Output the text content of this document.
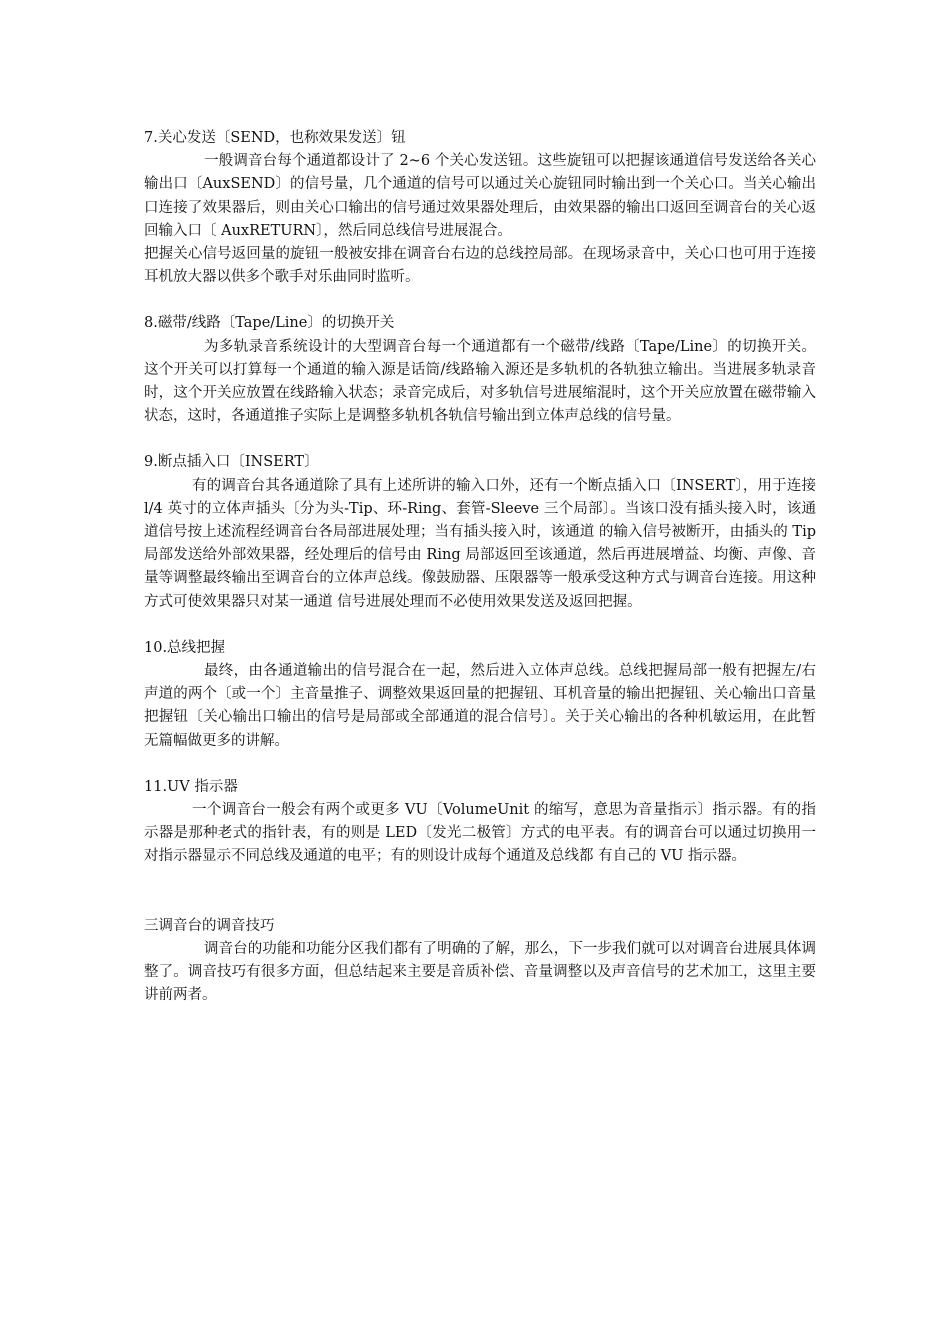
7.关心发送〔SEND，也称效果发送〕钮

一般调音台每个通道都设计了 2~6 个关心发送钮。这些旋钮可以把握该通道信号发送给各关心输出口〔AuxSEND〕的信号量，几个通道的信号可以通过关心旋钮同时输出到一个关心口。当关心输出口连接了效果器后，则由关心口输出的信号通过效果器处理后，由效果器的输出口返回至调音台的关心返回输入口〔 AuxRETURN〕，然后同总线信号进展混合。

把握关心信号返回量的旋钮一般被安排在调音台右边的总线控局部。在现场录音中，关心口也可用于连接耳机放大器以供多个歌手对乐曲同时监听。

8.磁带/线路〔Tape/Line〕的切换开关

为多轨录音系统设计的大型调音台每一个通道都有一个磁带/线路〔Tape/Line〕的切换开关。这个开关可以打算每一个通道的输入源是话筒/线路输入源还是多轨机的各轨独立输出。当进展多轨录音时，这个开关应放置在线路输入状态；录音完成后，对多轨信号进展缩混时，这个开关应放置在磁带输入状态，这时，各通道推子实际上是调整多轨机各轨信号输出到立体声总线的信号量。

9.断点插入口〔INSERT〕

有的调音台其各通道除了具有上述所讲的输入口外，还有一个断点插入口〔INSERT〕，用于连接 l/4 英寸的立体声插头〔分为头-Tip、环-Ring、套管-Sleeve 三个局部〕。当该口没有插头接入时，该通道信号按上述流程经调音台各局部进展处理；当有插头接入时，该通道 的输入信号被断开，由插头的 Tip 局部发送给外部效果器，经处理后的信号由 Ring 局部返回至该通道，然后再进展增益、均衡、声像、音量等调整最终输出至调音台的立体声总线。像鼓励器、压限器等一般承受这种方式与调音台连接。用这种方式可使效果器只对某一通道 信号进展处理而不必使用效果发送及返回把握。

10.总线把握

最终，由各通道输出的信号混合在一起，然后进入立体声总线。总线把握局部一般有把握左/右声道的两个〔或一个〕主音量推子、调整效果返回量的把握钮、耳机音量的输出把握钮、关心输出口音量把握钮〔关心输出口输出的信号是局部或全部通道的混合信号〕。关于关心输出的各种机敏运用，在此暂无篇幅做更多的讲解。

11.UV 指示器

一个调音台一般会有两个或更多 VU〔VolumeUnit 的缩写，意思为音量指示〕指示器。有的指示器是那种老式的指针表，有的则是 LED〔发光二极管〕方式的电平表。有的调音台可以通过切换用一对指示器显示不同总线及通道的电平；有的则设计成每个通道及总线都 有自己的 VU 指示器。

三调音台的调音技巧

调音台的功能和功能分区我们都有了明确的了解，那么，下一步我们就可以对调音台进展具体调整了。调音技巧有很多方面，但总结起来主要是音质补偿、音量调整以及声音信号的艺术加工，这里主要讲前两者。
